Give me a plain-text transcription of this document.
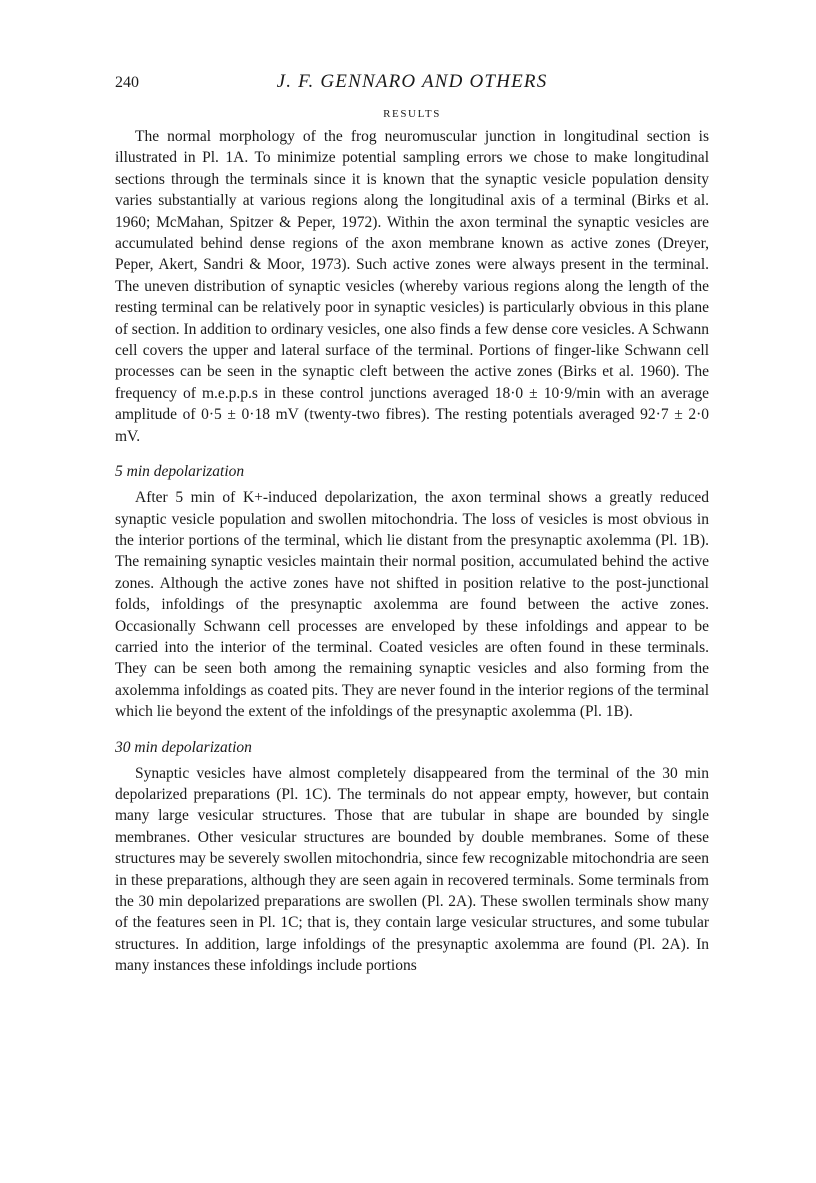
240	J. F. GENNARO AND OTHERS
RESULTS

The normal morphology of the frog neuromuscular junction in longitudinal section is illustrated in Pl. 1A. To minimize potential sampling errors we chose to make longitudinal sections through the terminals since it is known that the synaptic vesicle population density varies substantially at various regions along the longitudinal axis of a terminal (Birks et al. 1960; McMahan, Spitzer & Peper, 1972). Within the axon terminal the synaptic vesicles are accumulated behind dense regions of the axon membrane known as active zones (Dreyer, Peper, Akert, Sandri & Moor, 1973). Such active zones were always present in the terminal. The uneven distribution of synaptic vesicles (whereby various regions along the length of the resting terminal can be relatively poor in synaptic vesicles) is particularly obvious in this plane of section. In addition to ordinary vesicles, one also finds a few dense core vesicles. A Schwann cell covers the upper and lateral surface of the terminal. Portions of finger-like Schwann cell processes can be seen in the synaptic cleft between the active zones (Birks et al. 1960). The frequency of m.e.p.p.s in these control junctions averaged 18·0 ± 10·9/min with an average amplitude of 0·5 ± 0·18 mV (twenty-two fibres). The resting potentials averaged 92·7 ± 2·0 mV.

5 min depolarization

After 5 min of K+-induced depolarization, the axon terminal shows a greatly reduced synaptic vesicle population and swollen mitochondria. The loss of vesicles is most obvious in the interior portions of the terminal, which lie distant from the presynaptic axolemma (Pl. 1B). The remaining synaptic vesicles maintain their normal position, accumulated behind the active zones. Although the active zones have not shifted in position relative to the post-junctional folds, infoldings of the presynaptic axolemma are found between the active zones. Occasionally Schwann cell processes are enveloped by these infoldings and appear to be carried into the interior of the terminal. Coated vesicles are often found in these terminals. They can be seen both among the remaining synaptic vesicles and also forming from the axolemma infoldings as coated pits. They are never found in the interior regions of the terminal which lie beyond the extent of the infoldings of the presynaptic axolemma (Pl. 1B).

30 min depolarization

Synaptic vesicles have almost completely disappeared from the terminal of the 30 min depolarized preparations (Pl. 1C). The terminals do not appear empty, however, but contain many large vesicular structures. Those that are tubular in shape are bounded by single membranes. Other vesicular structures are bounded by double membranes. Some of these structures may be severely swollen mitochondria, since few recognizable mitochondria are seen in these preparations, although they are seen again in recovered terminals. Some terminals from the 30 min depolarized preparations are swollen (Pl. 2A). These swollen terminals show many of the features seen in Pl. 1C; that is, they contain large vesicular structures, and some tubular structures. In addition, large infoldings of the presynaptic axolemma are found (Pl. 2A). In many instances these infoldings include portions
